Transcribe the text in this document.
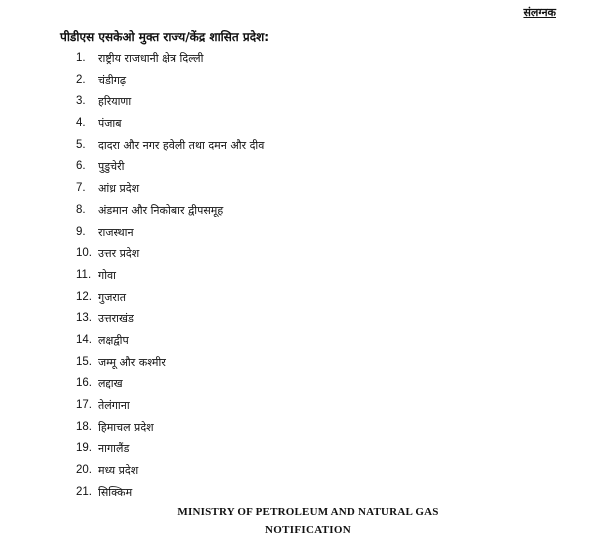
संलग्नक
पीडीएस एसकेओ मुक्त राज्य/केंद्र शासित प्रदेश:
1.	राष्ट्रीय राजधानी क्षेत्र दिल्ली
2.	चंडीगढ़
3.	हरियाणा
4.	पंजाब
5.	दादरा और नगर हवेली तथा दमन और दीव
6.	पुडुचेरी
7.	आंध्र प्रदेश
8.	अंडमान और निकोबार द्वीपसमूह
9.	राजस्थान
10. उत्तर प्रदेश
11. गोवा
12. गुजरात
13. उत्तराखंड
14. लक्षद्वीप
15. जम्मू और कश्मीर
16. लद्दाख
17. तेलंगाना
18. हिमाचल प्रदेश
19. नागालैंड
20. मध्य प्रदेश
21. सिक्किम
MINISTRY OF PETROLEUM AND NATURAL GAS
NOTIFICATION
